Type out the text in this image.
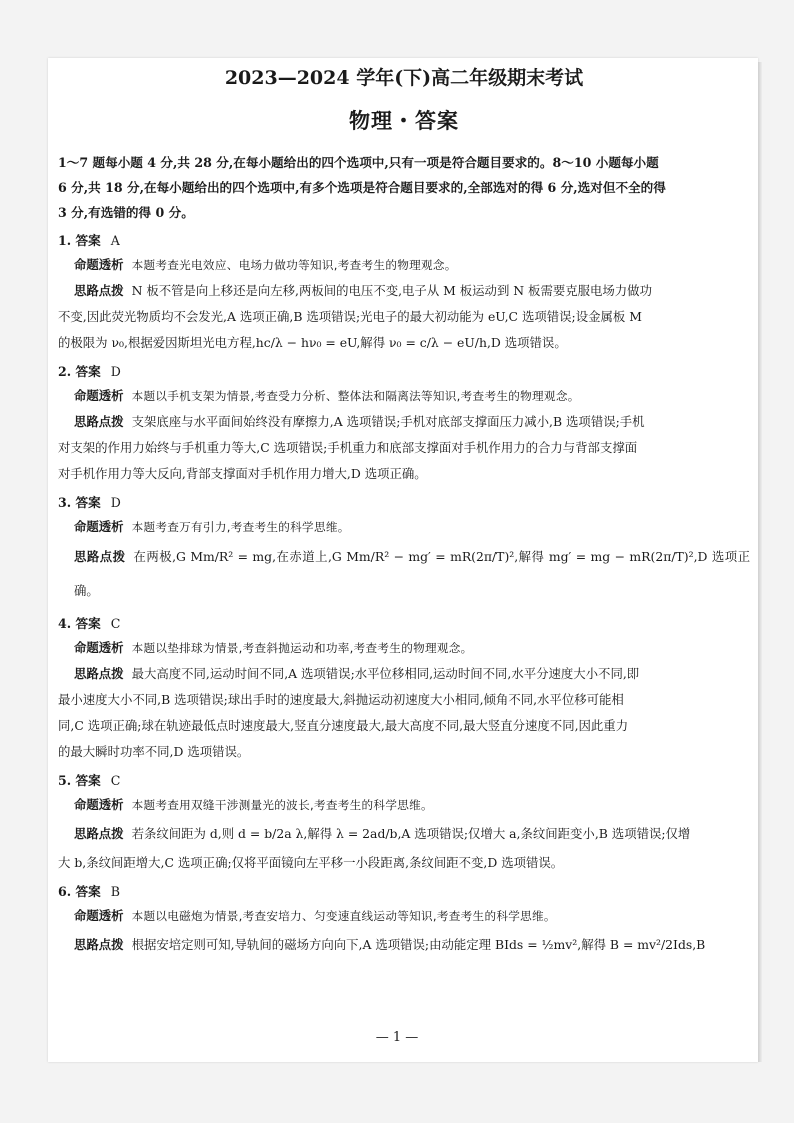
2023—2024 学年(下)高二年级期末考试
物理・答案

1～7 题每小题 4 分,共 28 分,在每小题给出的四个选项中,只有一项是符合题目要求的。8～10 小题每小题

6 分,共 18 分,在每小题给出的四个选项中,有多个选项是符合题目要求的,全部选对的得 6 分,选对但不全的得

3 分,有选错的得 0 分。

1. 答案 A

命题透析 本题考查光电效应、电场力做功等知识,考查考生的物理观念。

思路点拨 N 板不管是向上移还是向左移,两板间的电压不变,电子从 M 板运动到 N 板需要克服电场力做功

不变,因此荧光物质均不会发光,A 选项正确,B 选项错误;光电子的最大初动能为 eU,C 选项错误;设金属板 M

的极限为 ν₀,根据爱因斯坦光电方程,hc/λ − hν₀ = eU,解得 ν₀ = c/λ − eU/h,D 选项错误。

2. 答案 D

命题透析 本题以手机支架为情景,考查受力分析、整体法和隔离法等知识,考查考生的物理观念。

思路点拨 支架底座与水平面间始终没有摩擦力,A 选项错误;手机对底部支撑面压力减小,B 选项错误;手机

对支架的作用力始终与手机重力等大,C 选项错误;手机重力和底部支撑面对手机作用力的合力与背部支撑面

对手机作用力等大反向,背部支撑面对手机作用力增大,D 选项正确。

3. 答案 D

命题透析 本题考查万有引力,考查考生的科学思维。

思路点拨 在两极,G Mm/R² = mg,在赤道上,G Mm/R² − mg′ = mR(2π/T)²,解得 mg′ = mg − mR(2π/T)²,D 选项正确。

4. 答案 C

命题透析 本题以垫排球为情景,考查斜抛运动和功率,考查考生的物理观念。

思路点拨 最大高度不同,运动时间不同,A 选项错误;水平位移相同,运动时间不同,水平分速度大小不同,即

最小速度大小不同,B 选项错误;球出手时的速度最大,斜抛运动初速度大小相同,倾角不同,水平位移可能相

同,C 选项正确;球在轨迹最低点时速度最大,竖直分速度最大,最大高度不同,最大竖直分速度不同,因此重力

的最大瞬时功率不同,D 选项错误。

5. 答案 C

命题透析 本题考查用双缝干涉测量光的波长,考查考生的科学思维。

思路点拨 若条纹间距为 d,则 d = b/2a λ,解得 λ = 2ad/b,A 选项错误;仅增大 a,条纹间距变小,B 选项错误;仅增

大 b,条纹间距增大,C 选项正确;仅将平面镜向左平移一小段距离,条纹间距不变,D 选项错误。

6. 答案 B

命题透析 本题以电磁炮为情景,考查安培力、匀变速直线运动等知识,考查考生的科学思维。

思路点拨 根据安培定则可知,导轨间的磁场方向向下,A 选项错误;由动能定理 BIds = ½mv²,解得 B = mv²/2Ids,B

— 1 —
